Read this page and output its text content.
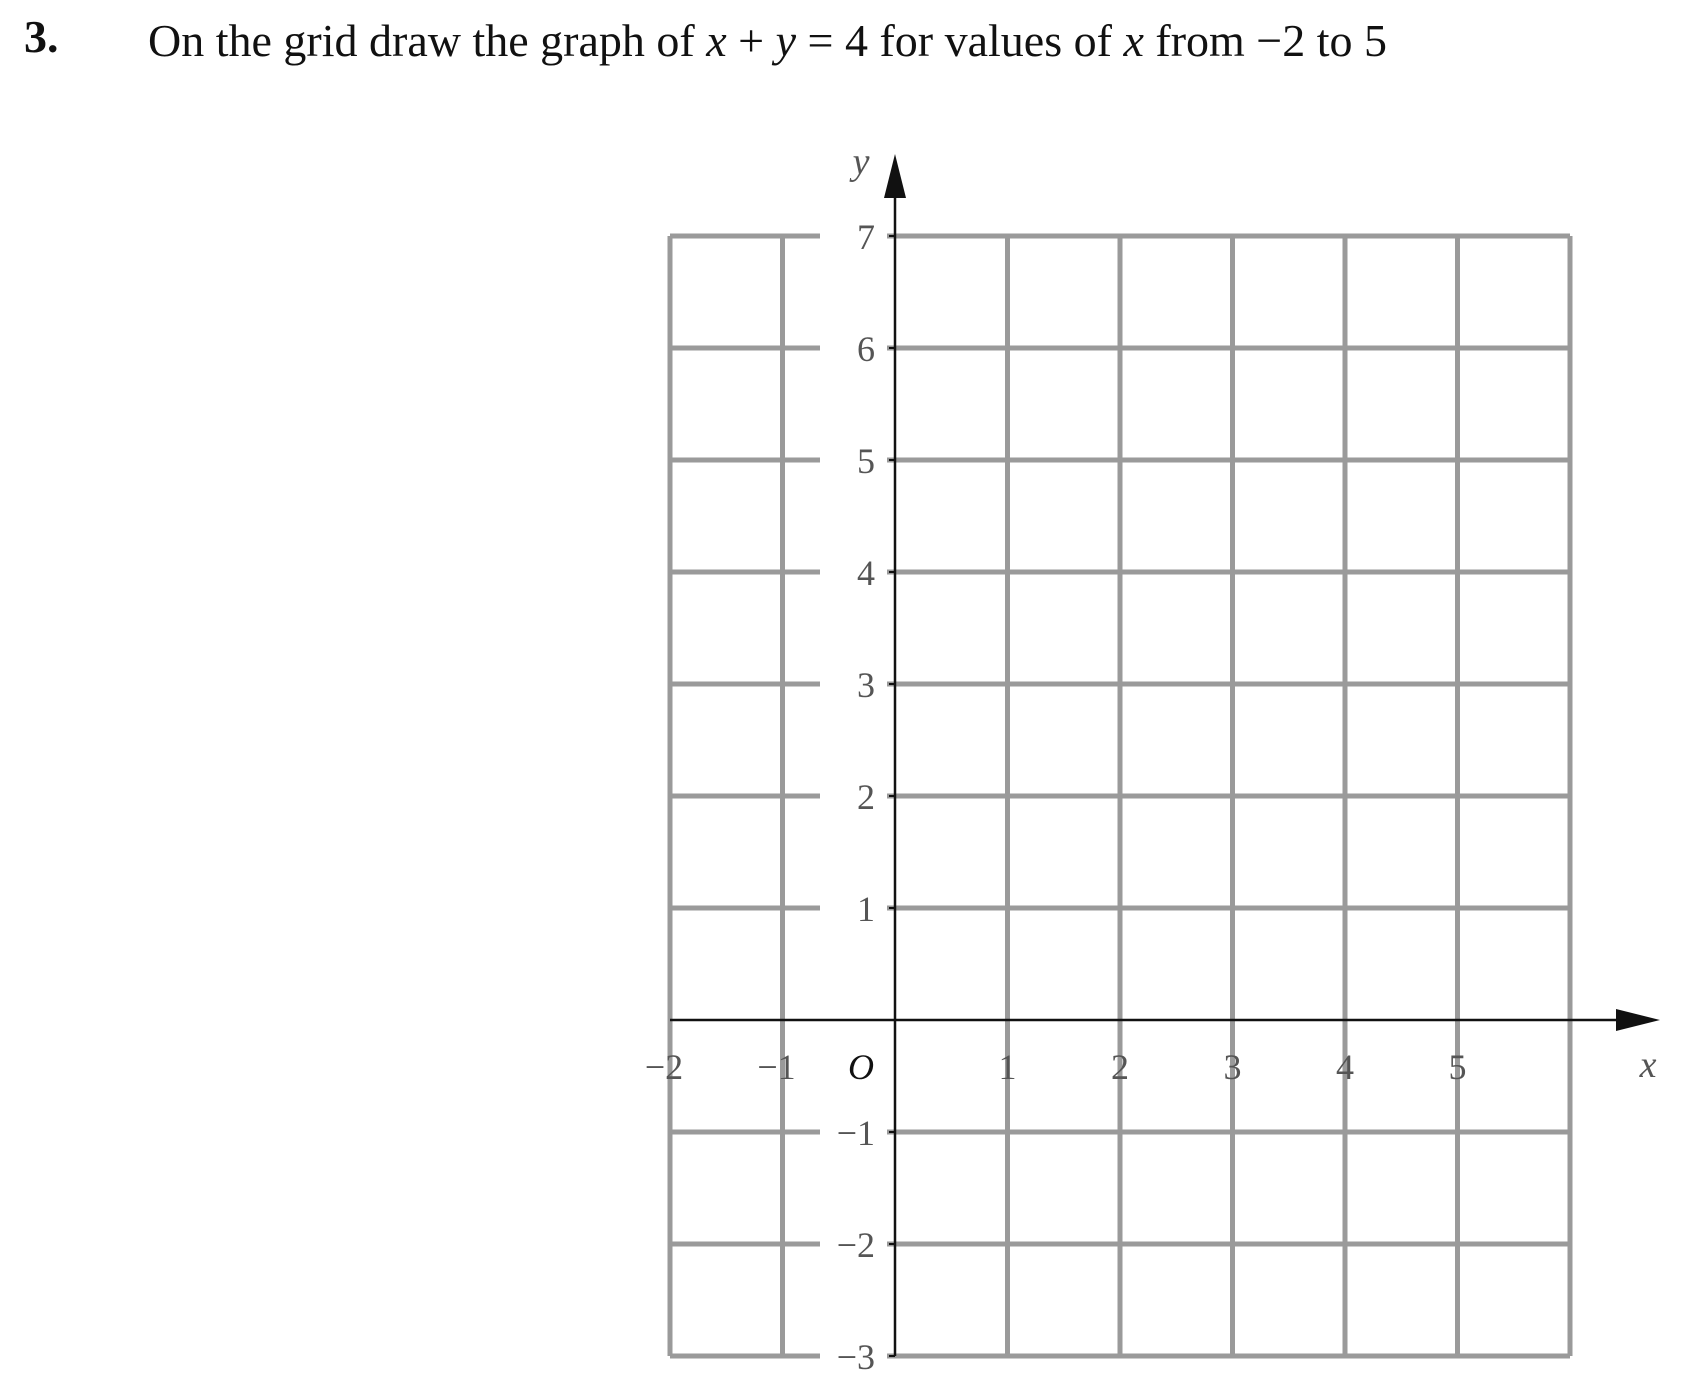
3. On the grid draw the graph of x + y = 4 for values of x from −2 to 5
7
6
5
4
3
2
1
−1
−2
−3
−2 −1	1	2	3	4	5
O	x
y
